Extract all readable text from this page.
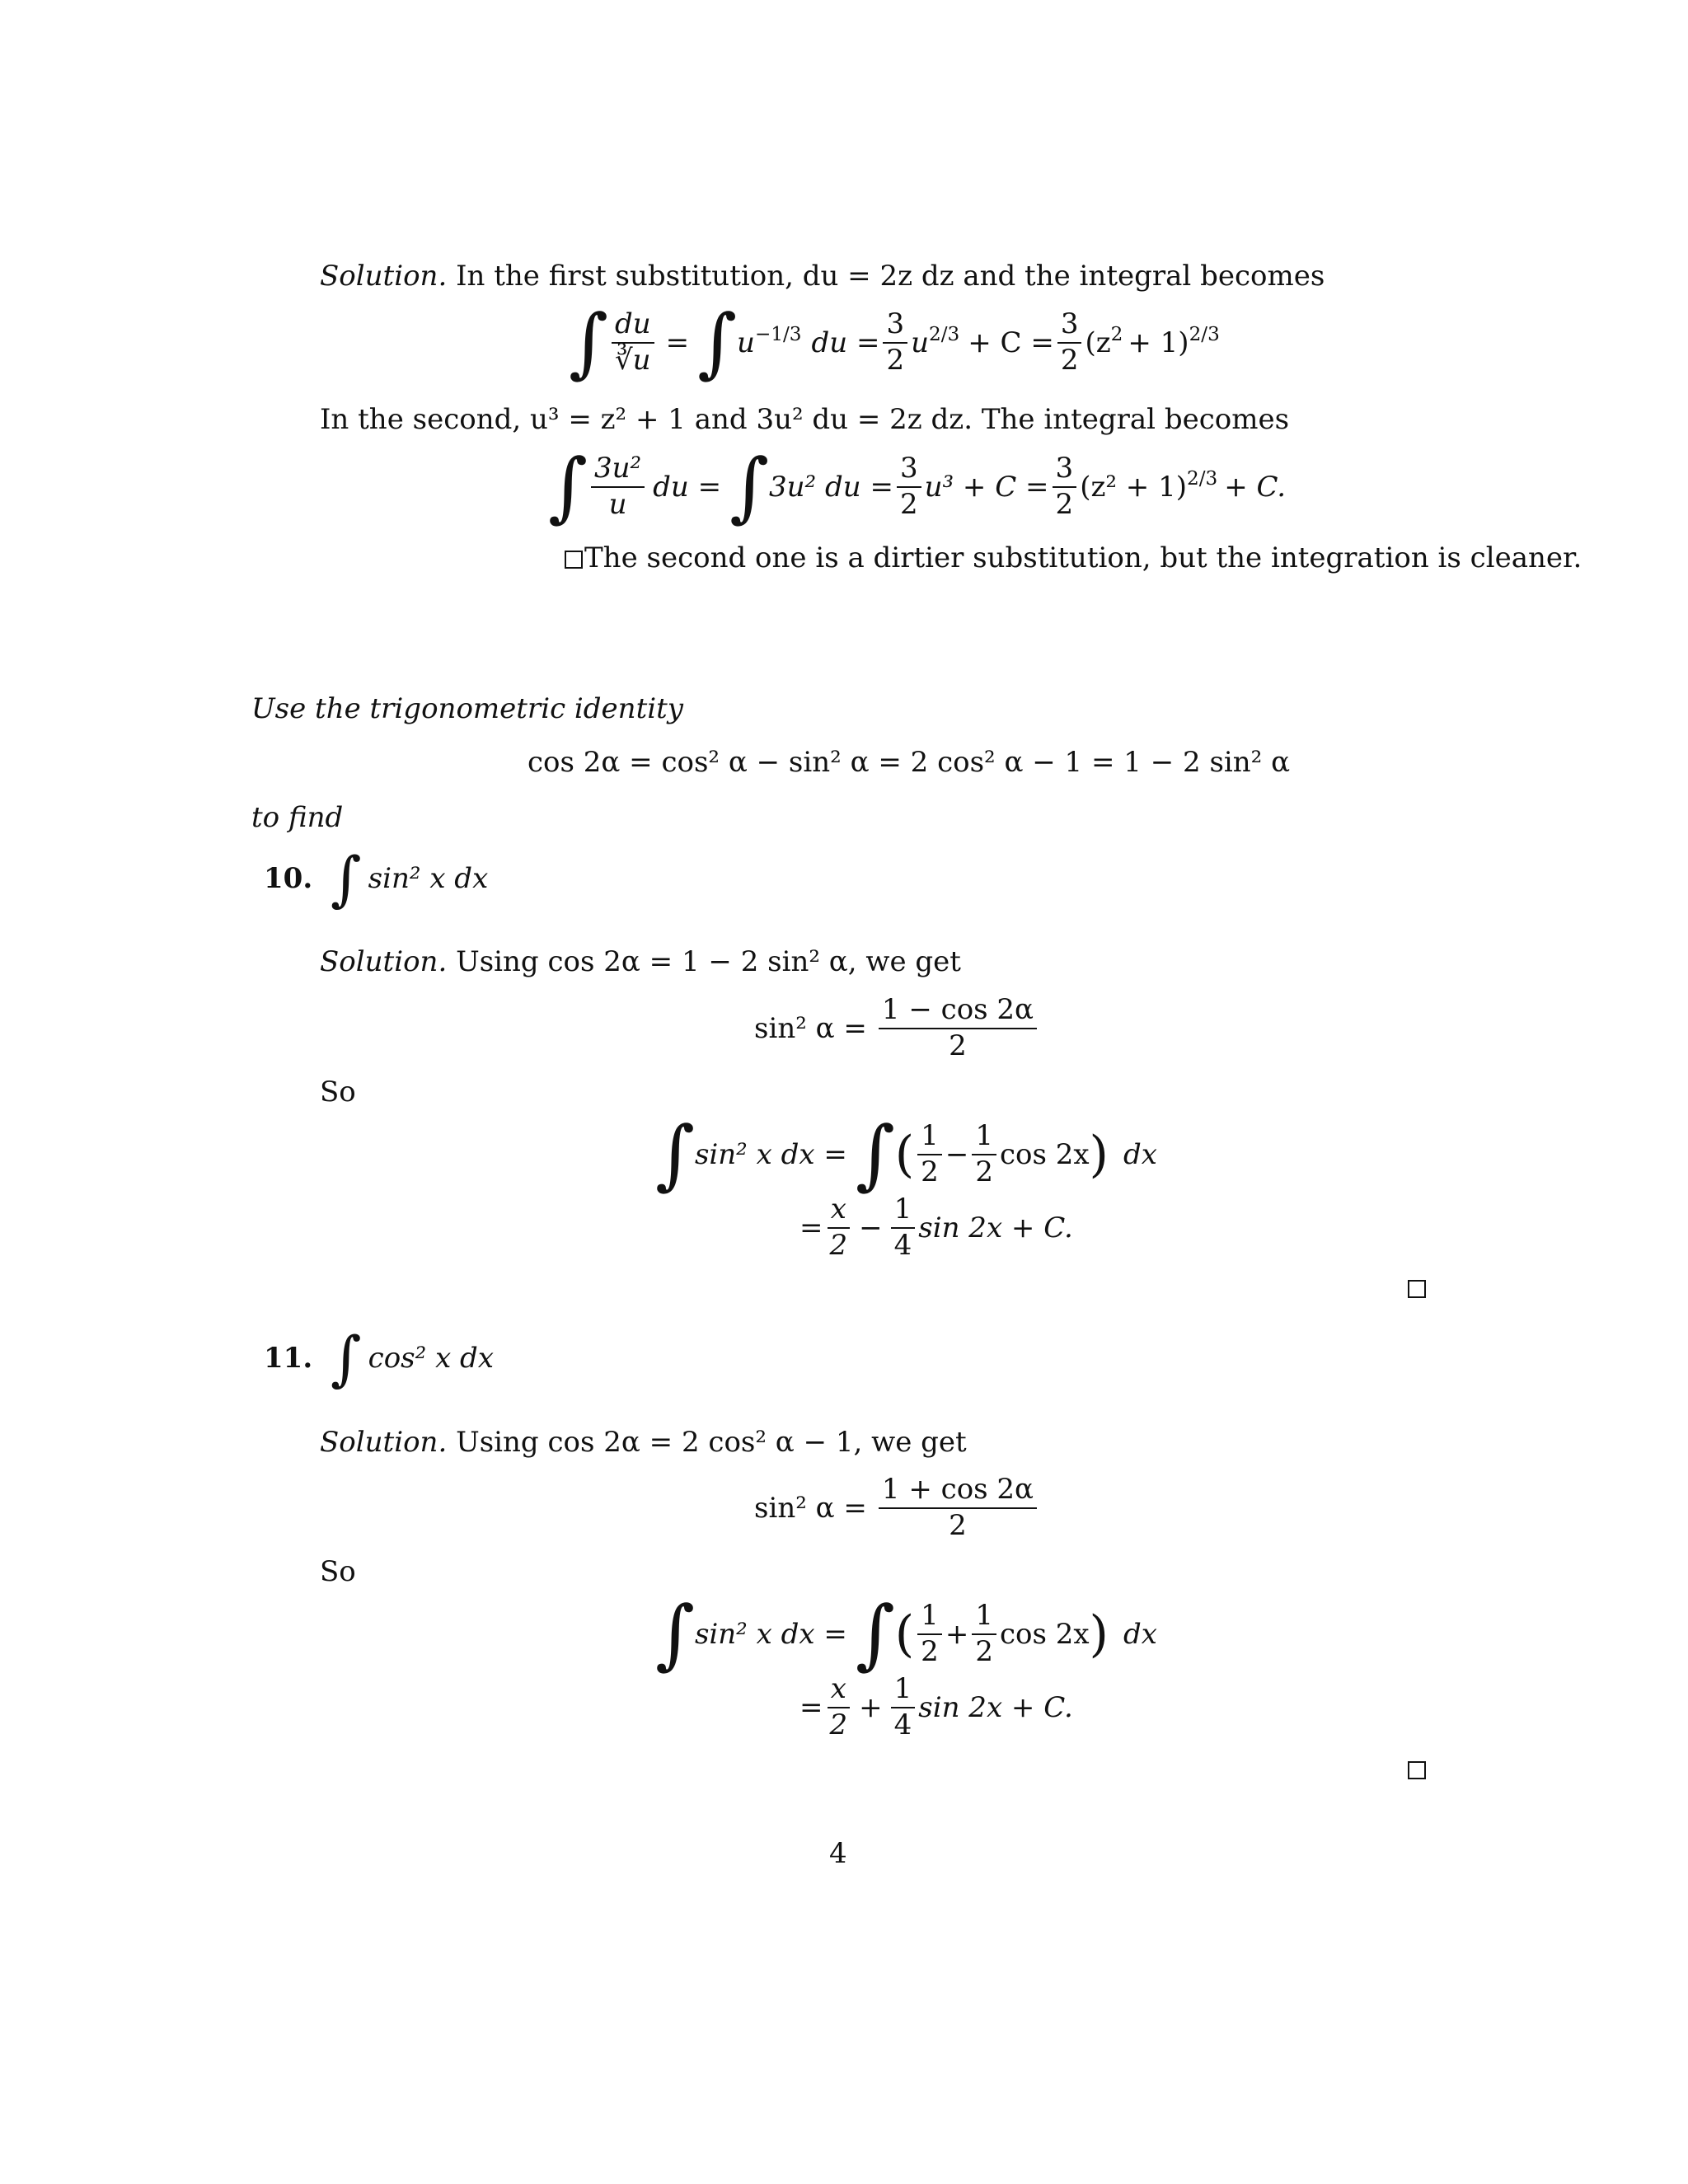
Solution. In the first substitution, du = 2z dz and the integral becomes
∫ $\frac{du}{∛u}$ = ∫ $u^{-1/3}$ du = $\frac{3}{2} u^{2/3} + C = \frac{3}{2} (z^2 + 1)^{2/3}$
In the second, u³ = z² + 1 and 3u² du = 2z dz. The integral becomes
∫ $\frac{\text{3u²}}{u}$ du = ∫ 3u² du = $\frac{3}{2} u^3 + C = \frac{3}{2} (z^2 + 1)^{2/3} + C$.
The second one is a dirtier substitution, but the integration is cleaner.
Use the trigonometric identity
cos 2α = cos² α − sin² α = 2 cos² α − 1 = 1 − 2 sin² α
to find
10. ∫ sin² x dx
Solution. Using cos 2α = 1 − 2 sin² α, we get
sin² $\alpha = \frac{1 - \cos 2\alpha}{2}$
So
∫ sin² x dx = ∫ ( $\frac{1}{2} - \frac{1}{2}$ cos 2x ) dx
= $\frac{x}{2} - \frac{1}{4}$ sin 2x + C.
11. ∫ cos² x dx
Solution. Using cos 2α = 2 cos² α − 1, we get
sin² $\alpha = \frac{1 + \cos 2\alpha}{2}$
So
∫ sin² x dx = ∫ ( $\frac{1}{2} + \frac{1}{2}$ cos 2x ) dx
= $\frac{x}{2} + \frac{1}{4}$ sin 2x + C.
4
